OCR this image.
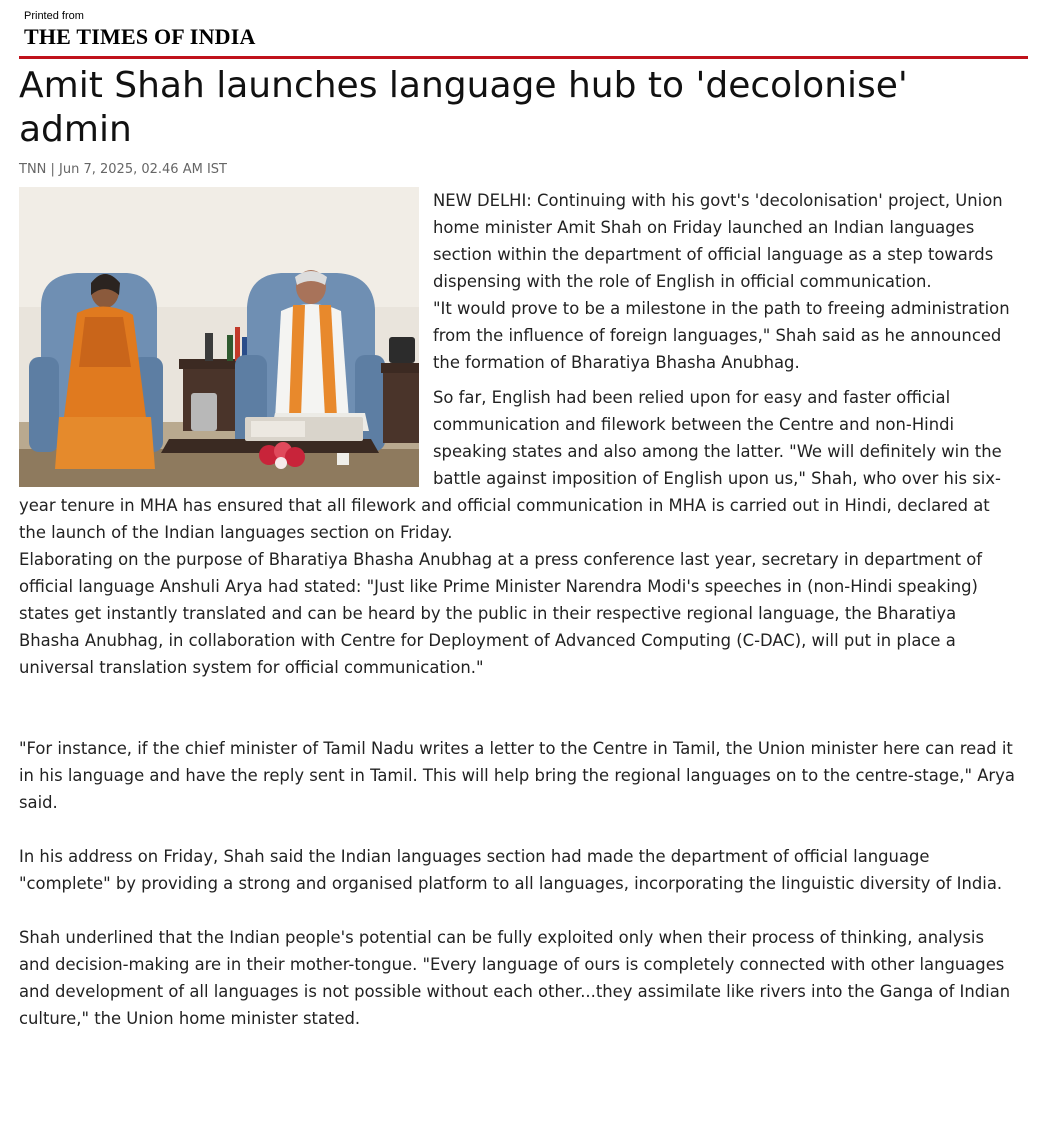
Printed from
THE TIMES OF INDIA
Amit Shah launches language hub to 'decolonise' admin
TNN | Jun 7, 2025, 02.46 AM IST

NEW DELHI: Continuing with his govt's 'decolonisation' project, Union home minister Amit Shah on Friday launched an Indian languages section within the department of official language as a step towards dispensing with the role of English in official communication.

"It would prove to be a milestone in the path to freeing administration from the influence of foreign languages," Shah said as he announced the formation of Bharatiya Bhasha Anubhag.

So far, English had been relied upon for easy and faster official communication and filework between the Centre and non-Hindi speaking states and also among the latter. "We will definitely win the battle against imposition of English upon us," Shah, who over his six-year tenure in MHA has ensured that all filework and official communication in MHA is carried out in Hindi, declared at the launch of the Indian languages section on Friday.

Elaborating on the purpose of Bharatiya Bhasha Anubhag at a press conference last year, secretary in department of official language Anshuli Arya had stated: "Just like Prime Minister Narendra Modi's speeches in (non-Hindi speaking) states get instantly translated and can be heard by the public in their respective regional language, the Bharatiya Bhasha Anubhag, in collaboration with Centre for Deployment of Advanced Computing (C-DAC), will put in place a universal translation system for official communication."

"For instance, if the chief minister of Tamil Nadu writes a letter to the Centre in Tamil, the Union minister here can read it in his language and have the reply sent in Tamil. This will help bring the regional languages on to the centre-stage," Arya said.

In his address on Friday, Shah said the Indian languages section had made the department of official language "complete" by providing a strong and organised platform to all languages, incorporating the linguistic diversity of India.

Shah underlined that the Indian people's potential can be fully exploited only when their process of thinking, analysis and decision-making are in their mother-tongue. "Every language of ours is completely connected with other languages and development of all languages is not possible without each other...they assimilate like rivers into the Ganga of Indian culture," the Union home minister stated.
